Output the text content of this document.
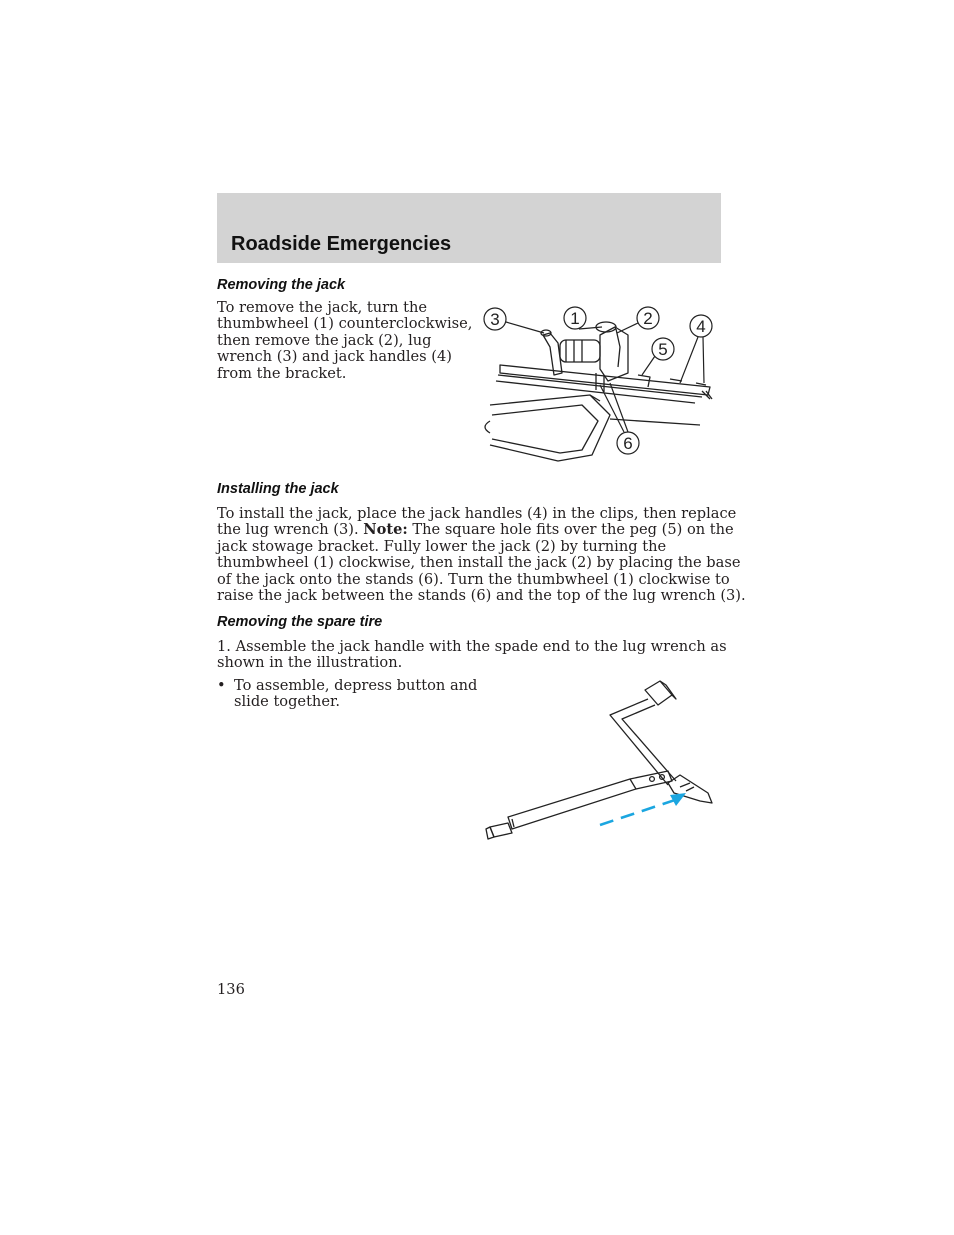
Roadside Emergencies
Removing the jack
To remove the jack, turn the
thumbwheel (1) counterclockwise,
then remove the jack (2), lug
wrench (3) and jack handles (4)
from the bracket.
1	2
3	4
5
6
Installing the jack
To install the jack, place the jack handles (4) in the clips, then replace
the lug wrench (3). Note: The square hole fits over the peg (5) on the
jack stowage bracket. Fully lower the jack (2) by turning the
thumbwheel (1) clockwise, then install the jack (2) by placing the base
of the jack onto the stands (6). Turn the thumbwheel (1) clockwise to
raise the jack between the stands (6) and the top of the lug wrench (3).
Removing the spare tire
1. Assemble the jack handle with the spade end to the lug wrench as
shown in the illustration.
• To assemble, depress button and
slide together.
136
